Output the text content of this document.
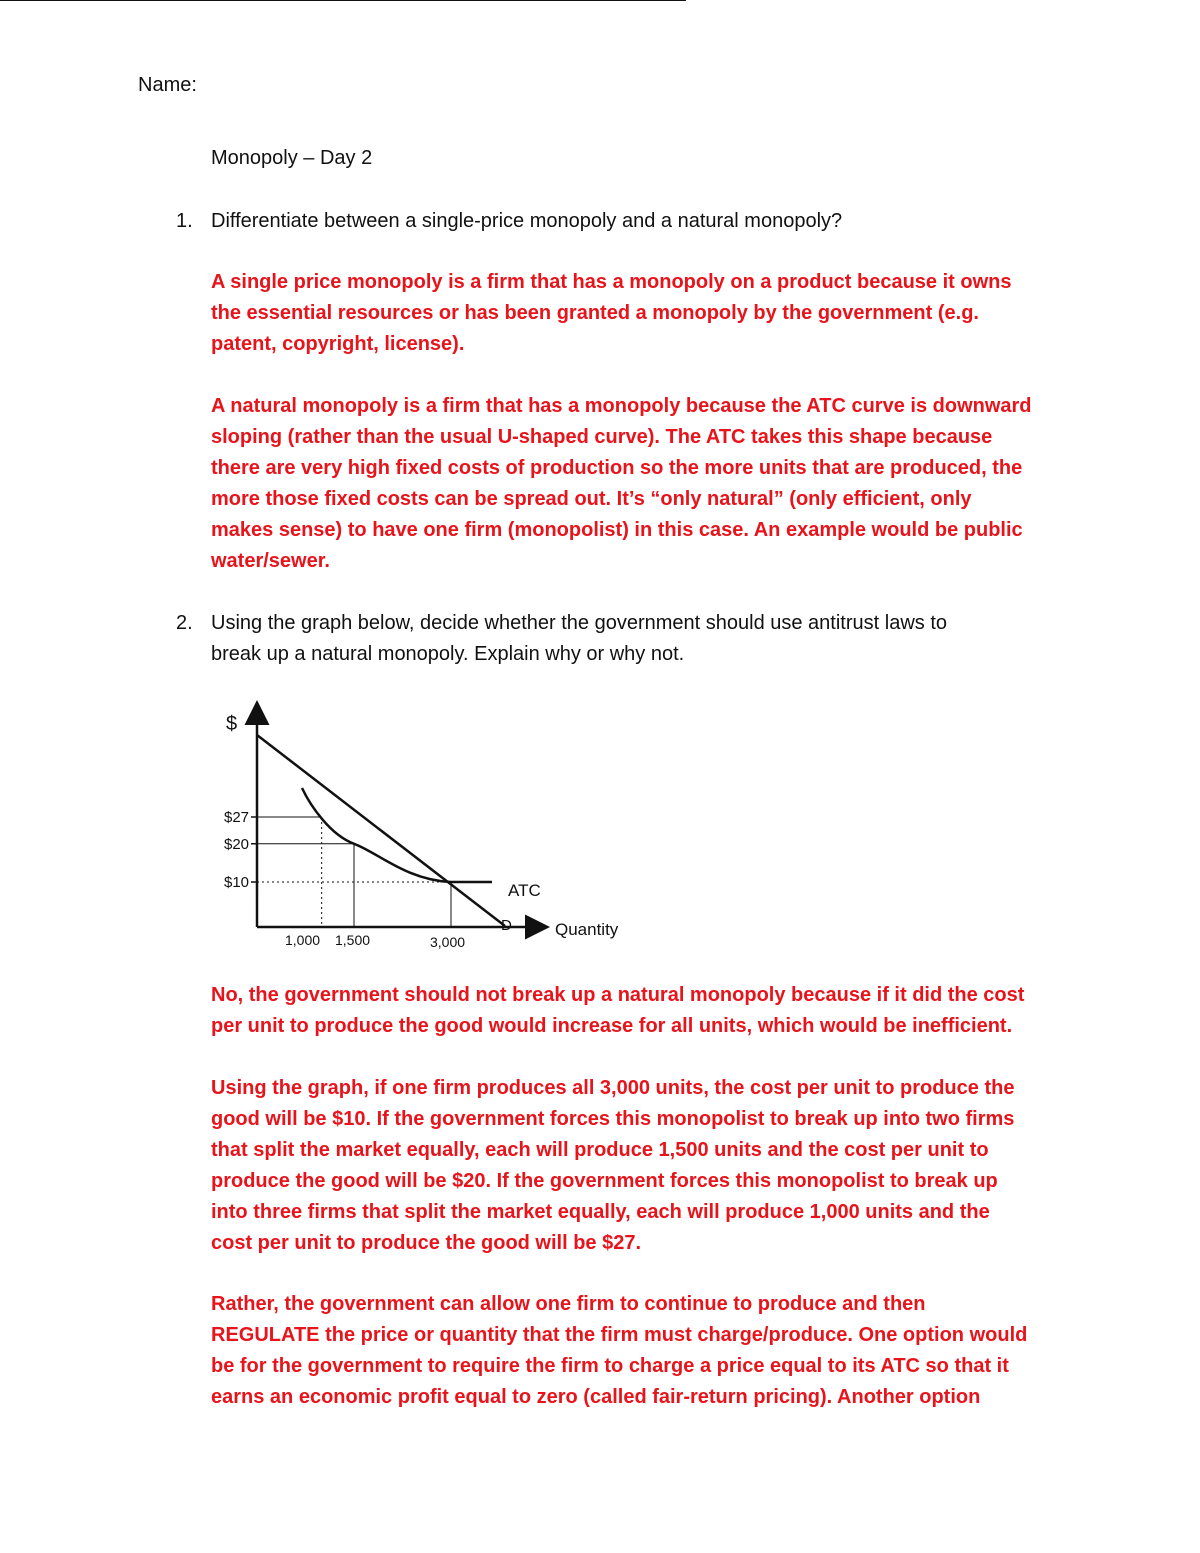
Name:
Monopoly – Day 2
1. Differentiate between a single-price monopoly and a natural monopoly?
A single price monopoly is a firm that has a monopoly on a product because it owns
the essential resources or has been granted a monopoly by the government (e.g.
patent, copyright, license).
A natural monopoly is a firm that has a monopoly because the ATC curve is downward
sloping (rather than the usual U-shaped curve). The ATC takes this shape because
there are very high fixed costs of production so the more units that are produced, the
more those fixed costs can be spread out. It’s “only natural” (only efficient, only
makes sense) to have one firm (monopolist) in this case. An example would be public
water/sewer.
2. Using the graph below, decide whether the government should use antitrust laws to
break up a natural monopoly. Explain why or why not.
$
Quantity
$27
$20
$10
1,000 1,500	3,000
ATC
D
No, the government should not break up a natural monopoly because if it did the cost
per unit to produce the good would increase for all units, which would be inefficient.
Using the graph, if one firm produces all 3,000 units, the cost per unit to produce the
good will be $10. If the government forces this monopolist to break up into two firms
that split the market equally, each will produce 1,500 units and the cost per unit to
produce the good will be $20. If the government forces this monopolist to break up
into three firms that split the market equally, each will produce 1,000 units and the
cost per unit to produce the good will be $27.
Rather, the government can allow one firm to continue to produce and then
REGULATE the price or quantity that the firm must charge/produce. One option would
be for the government to require the firm to charge a price equal to its ATC so that it
earns an economic profit equal to zero (called fair-return pricing). Another option
